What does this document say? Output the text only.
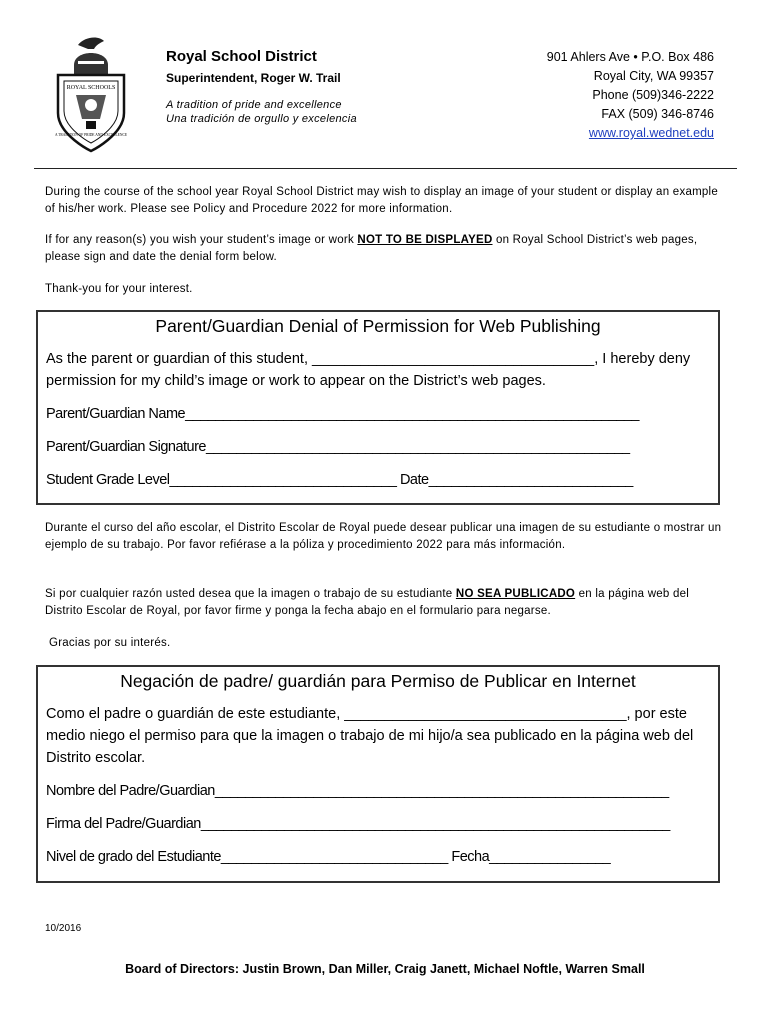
ROYAL SCHOOLS
A TRADITION OF PRIDE AND EXCELLENCE
Royal School District
Superintendent, Roger W. Trail
A tradition of pride and excellence
Una tradición de orgullo y excelencia
901 Ahlers Ave • P.O. Box 486
Royal City, WA 99357
Phone (509)346-2222
FAX (509) 346-8746
www.royal.wednet.edu
During the course of the school year Royal School District may wish to display an image of your student or display an example of his/her work. Please see Policy and Procedure 2022 for more information.
If for any reason(s) you wish your student’s image or work NOT TO BE DISPLAYED on Royal School District’s web pages, please sign and date the denial form below.
Thank-you for your interest.
Parent/Guardian Denial of Permission for Web Publishing
As the parent or guardian of this student, ___________________________________, I hereby deny permission for my child’s image or work to appear on the District’s web pages.
Parent/Guardian Name____________________________________________________________
Parent/Guardian Signature________________________________________________________
Student Grade Level______________________________ Date___________________________
Durante el curso del año escolar, el Distrito Escolar de Royal puede desear publicar una imagen de su estudiante o mostrar un ejemplo de su trabajo. Por favor refiérase a la póliza y procedimiento 2022 para más información.
Si por cualquier razón usted desea que la imagen o trabajo de su estudiante NO SEA PUBLICADO en la página web del Distrito Escolar de Royal, por favor firme y ponga la fecha abajo en el formulario para negarse.
Gracias por su interés.
Negación de padre/ guardián para Permiso de Publicar en Internet
Como el padre o guardián de este estudiante, ___________________________________, por este medio niego el permiso para que la imagen o trabajo de mi hijo/a sea publicado en la página web del Distrito escolar.
Nombre del Padre/Guardian____________________________________________________________
Firma del Padre/Guardian______________________________________________________________
Nivel de grado del Estudiante______________________________ Fecha________________
10/2016
Board of Directors: Justin Brown, Dan Miller, Craig Janett, Michael Noftle, Warren Small
